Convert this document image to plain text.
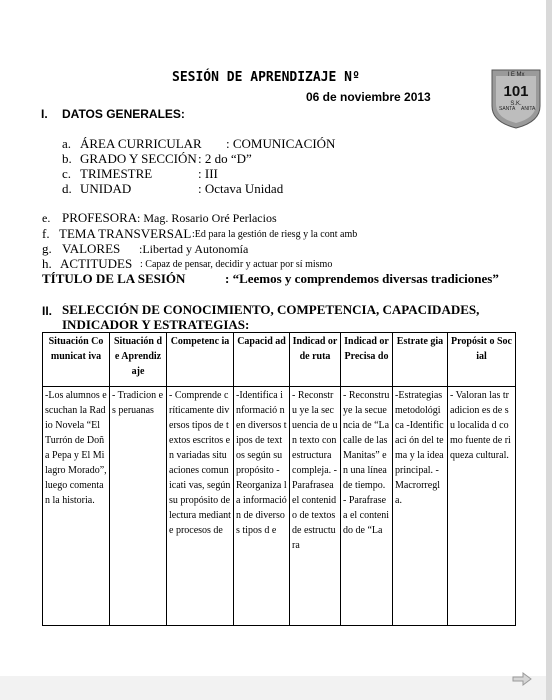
SESIÓN DE APRENDIZAJE Nº
06 de noviembre 2013
I E Mx
101
S.K.
SANTA ANITA
I. DATOS GENERALES:
a. ÁREA CURRICULAR : COMUNICACIÓN
b. GRADO Y SECCIÓN : 2 do “D”
c. TRIMESTRE	: III
d. UNIDAD	: Octava Unidad
e. PROFESORA : Mag. Rosario Oré Perlacios
f. TEMA TRANSVERSAL :Ed para la gestión de riesg y la cont amb
g. VALORES :Libertad y Autonomía
h. ACTITUDES : Capaz de pensar, decidir y actuar por sí mismo
TÍTULO DE LA SESIÓN	: “Leemos y comprendemos diversas tradiciones”
II. SELECCIÓN DE CONOCIMIENTO, COMPETENCIA, CAPACIDADES,
INDICADOR Y ESTRATEGIAS:
Situación Comunicat iva	Situación de Aprendiz aje	Competenc ia	Capacid ad	Indicad or de ruta	Indicad or Precisa do	Estrate gia	Propósit o Social
-Los alumnos escuchan la Radio Novela “El Turrón de Doña Pepa y El Milagro Morado”, luego comentan la historia.	- Tradicion es peruanas	- Comprende críticamente diversos tipos de textos escritos en variadas situaciones comunicati vas, según su propósito de lectura mediante procesos de	-Identifica informació n en diversos tipos de textos según su propósito - Reorganiza la informació n de diversos tipos d e	- Reconstru ye la secuencia de un texto con estructura compleja. - Parafrasea el contenido de textos de estructura	- Reconstru ye la secuencia de “La calle de las Manitas” en una línea de tiempo. - Parafrasea el contenido de “La	-Estrategias metodológi ca -Identificaci ón del tema y la idea principal. - Macrorregl a.	- Valoran las tradicion es de su localida d como fuente de riqueza cultural.
